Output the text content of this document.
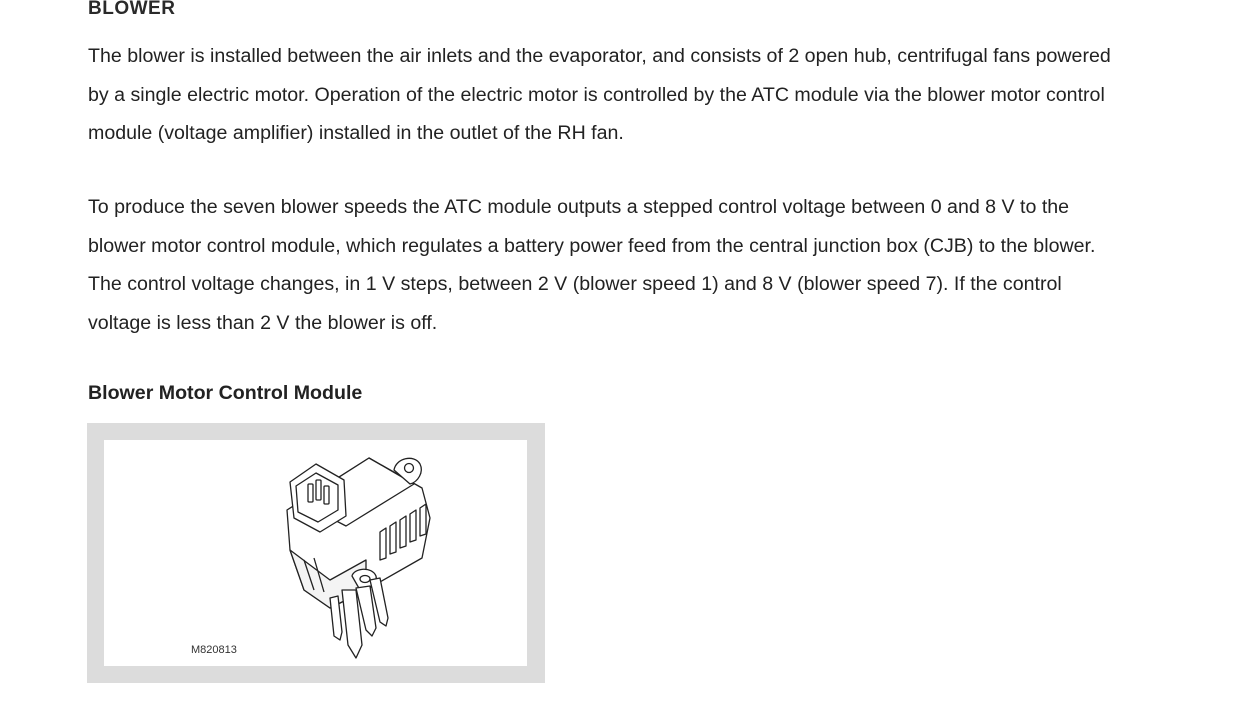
BLOWER

The blower is installed between the air inlets and the evaporator, and consists of 2 open hub, centrifugal fans powered
by a single electric motor. Operation of the electric motor is controlled by the ATC module via the blower motor control
module (voltage amplifier) installed in the outlet of the RH fan.

To produce the seven blower speeds the ATC module outputs a stepped control voltage between 0 and 8 V to the
blower motor control module, which regulates a battery power feed from the central junction box (CJB) to the blower.
The control voltage changes, in 1 V steps, between 2 V (blower speed 1) and 8 V (blower speed 7). If the control
voltage is less than 2 V the blower is off.

Blower Motor Control Module
M820813
